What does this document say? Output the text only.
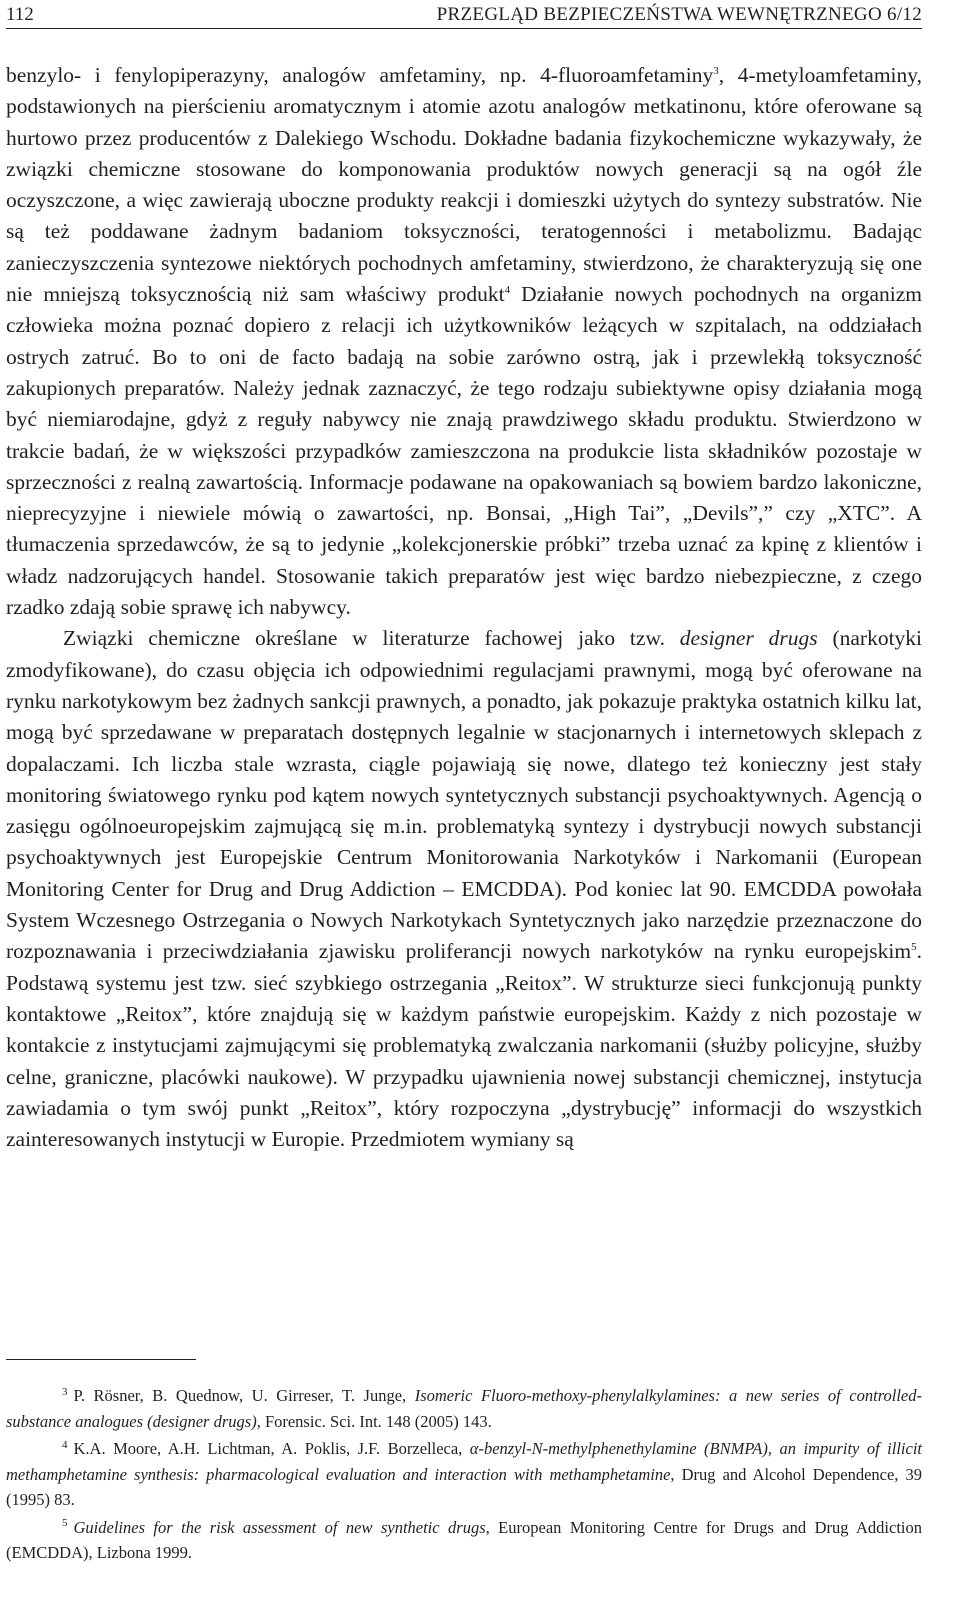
112	PRZEGLĄD BEZPIECZEŃSTWA WEWNĘTRZNEGO 6/12

benzylo- i fenylopiperazyny, analogów amfetaminy, np. 4-fluoroamfetaminy$^3$, 4-metyloamfetaminy, podstawionych na pierścieniu aromatycznym i atomie azotu analogów metkatinonu, które oferowane są hurtowo przez producentów z Dalekiego Wschodu. Dokładne badania fizykochemiczne wykazywały, że związki chemiczne stosowane do komponowania produktów nowych generacji są na ogół źle oczyszczone, a więc zawierają uboczne produkty reakcji i domieszki użytych do syntezy substratów. Nie są też poddawane żadnym badaniom toksyczności, teratogenności i metabolizmu. Badając zanieczyszczenia syntezowe niektórych pochodnych amfetaminy, stwierdzono, że charakteryzują się one nie mniejszą toksycznością niż sam właściwy produkt$^4$ Działanie nowych pochodnych na organizm człowieka można poznać dopiero z relacji ich użytkowników leżących w szpitalach, na oddziałach ostrych zatruć. Bo to oni de facto badają na sobie zarówno ostrą, jak i przewlekłą toksyczność zakupionych preparatów. Należy jednak zaznaczyć, że tego rodzaju subiektywne opisy działania mogą być niemiarodajne, gdyż z reguły nabywcy nie znają prawdziwego składu produktu. Stwierdzono w trakcie badań, że w większości przypadków zamieszczona na produkcie lista składników pozostaje w sprzeczności z realną zawartością. Informacje podawane na opakowaniach są bowiem bardzo lakoniczne, nieprecyzyjne i niewiele mówią o zawartości, np. Bonsai, „High Tai”, „Devils”,” czy „XTC”. A tłumaczenia sprzedawców, że są to jedynie „kolekcjonerskie próbki” trzeba uznać za kpinę z klientów i władz nadzorujących handel. Stosowanie takich preparatów jest więc bardzo niebezpieczne, z czego rzadko zdają sobie sprawę ich nabywcy.

Związki chemiczne określane w literaturze fachowej jako tzw. designer drugs (narkotyki zmodyfikowane), do czasu objęcia ich odpowiednimi regulacjami prawnymi, mogą być oferowane na rynku narkotykowym bez żadnych sankcji prawnych, a ponadto, jak pokazuje praktyka ostatnich kilku lat, mogą być sprzedawane w preparatach dostępnych legalnie w stacjonarnych i internetowych sklepach z dopalaczami. Ich liczba stale wzrasta, ciągle pojawiają się nowe, dlatego też konieczny jest stały monitoring światowego rynku pod kątem nowych syntetycznych substancji psychoaktywnych. Agencją o zasięgu ogólnoeuropejskim zajmującą się m.in. problematyką syntezy i dystrybucji nowych substancji psychoaktywnych jest Europejskie Centrum Monitorowania Narkotyków i Narkomanii (European Monitoring Center for Drug and Drug Addiction – EMCDDA). Pod koniec lat 90. EMCDDA powołała System Wczesnego Ostrzegania o Nowych Narkotykach Syntetycznych jako narzędzie przeznaczone do rozpoznawania i przeciwdziałania zjawisku proliferancji nowych narkotyków na rynku europejskim$^5$. Podstawą systemu jest tzw. sieć szybkiego ostrzegania „Reitox”. W strukturze sieci funkcjonują punkty kontaktowe „Reitox”, które znajdują się w każdym państwie europejskim. Każdy z nich pozostaje w kontakcie z instytucjami zajmującymi się problematyką zwalczania narkomanii (służby policyjne, służby celne, graniczne, placówki naukowe). W przypadku ujawnienia nowej substancji chemicznej, instytucja zawiadamia o tym swój punkt „Reitox”, który rozpoczyna „dystrybucję” informacji do wszystkich zainteresowanych instytucji w Europie. Przedmiotem wymiany są

$^3$ P. Rösner, B. Quednow, U. Girreser, T. Junge, Isomeric Fluoro-methoxy-phenylalkylamines: a new series of controlled-substance analogues (designer drugs), Forensic. Sci. Int. 148 (2005) 143.

$^4$ K.A. Moore, A.H. Lichtman, A. Poklis, J.F. Borzelleca, α-benzyl-N-methylphenethylamine (BNMPA), an impurity of illicit methamphetamine synthesis: pharmacological evaluation and interaction with methamphetamine, Drug and Alcohol Dependence, 39 (1995) 83.

$^5$ Guidelines for the risk assessment of new synthetic drugs, European Monitoring Centre for Drugs and Drug Addiction (EMCDDA), Lizbona 1999.
